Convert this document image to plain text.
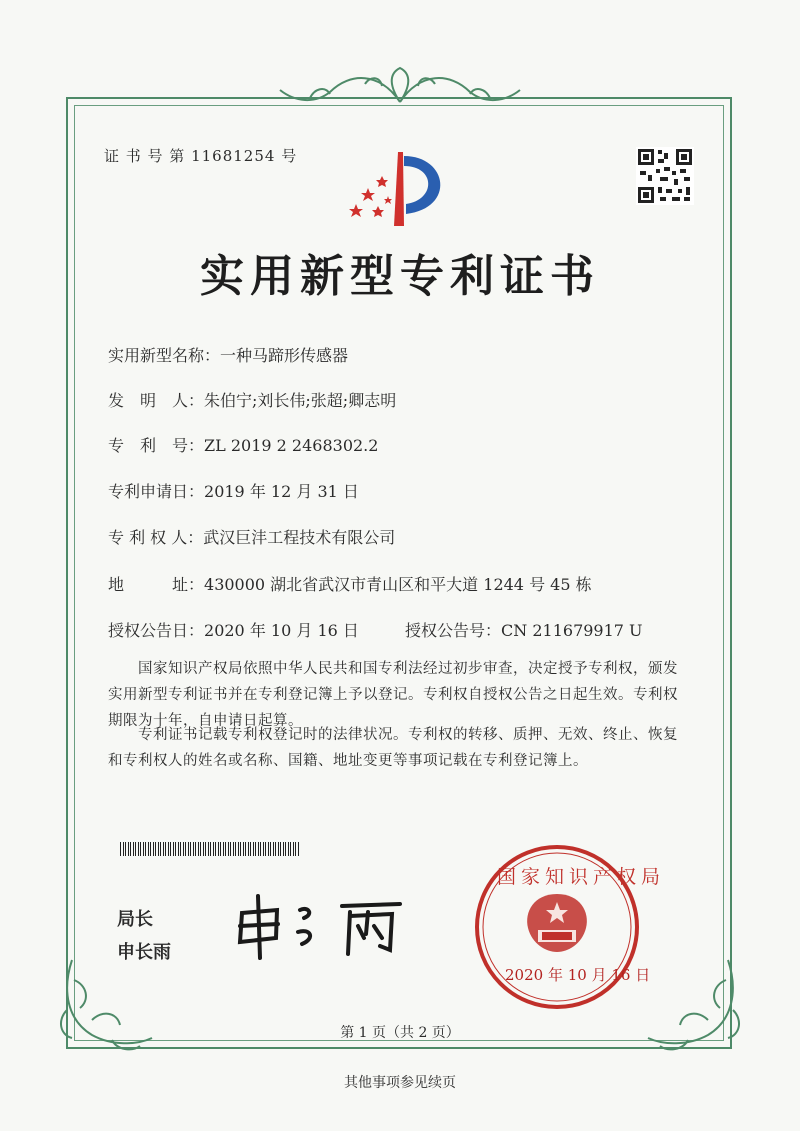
证 书 号 第 11681254 号
实用新型专利证书
实用新型名称：一种马蹄形传感器
发　明　人：朱伯宁;刘长伟;张超;卿志明
专　利　号：ZL 2019 2 2468302.2
专利申请日：2019 年 12 月 31 日
专 利 权 人：武汉巨沣工程技术有限公司
地　　　址：430000 湖北省武汉市青山区和平大道 1244 号 45 栋
授权公告日：2020 年 10 月 16 日	授权公告号：CN 211679917 U
国家知识产权局依照中华人民共和国专利法经过初步审查，决定授予专利权，颁发实用新型专利证书并在专利登记簿上予以登记。专利权自授权公告之日起生效。专利权期限为十年，自申请日起算。
专利证书记载专利权登记时的法律状况。专利权的转移、质押、无效、终止、恢复和专利权人的姓名或名称、国籍、地址变更等事项记载在专利登记簿上。
局长
申长雨
国家知识产权局
2020 年 10 月 16 日
第 1 页（共 2 页）
其他事项参见续页
